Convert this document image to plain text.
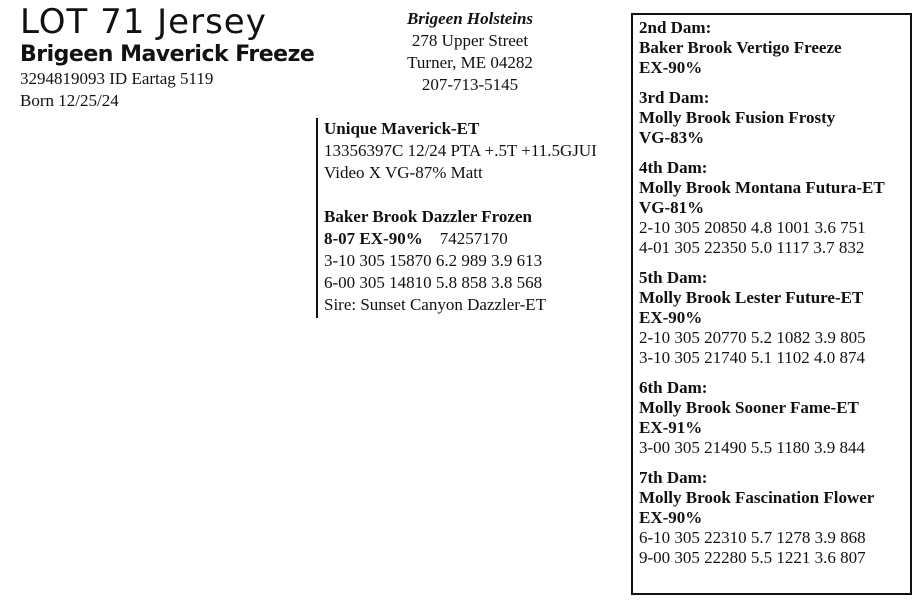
LOT 71 Jersey
Brigeen Maverick Freeze
3294819093 ID Eartag 5119
Born 12/25/24
Brigeen Holsteins
278 Upper Street
Turner, ME 04282
207-713-5145
Unique Maverick-ET
13356397C 12/24 PTA +.5T +11.5GJUI
Video X VG-87% Matt
Baker Brook Dazzler Frozen
8-07 EX-90% 74257170
3-10 305 15870 6.2 989 3.9 613
6-00 305 14810 5.8 858 3.8 568
Sire: Sunset Canyon Dazzler-ET
2nd Dam:
Baker Brook Vertigo Freeze
EX-90%
3rd Dam:
Molly Brook Fusion Frosty
VG-83%
4th Dam:
Molly Brook Montana Futura-ET
VG-81%
2-10 305 20850 4.8 1001 3.6 751
4-01 305 22350 5.0 1117 3.7 832
5th Dam:
Molly Brook Lester Future-ET
EX-90%
2-10 305 20770 5.2 1082 3.9 805
3-10 305 21740 5.1 1102 4.0 874
6th Dam:
Molly Brook Sooner Fame-ET
EX-91%
3-00 305 21490 5.5 1180 3.9 844
7th Dam:
Molly Brook Fascination Flower
EX-90%
6-10 305 22310 5.7 1278 3.9 868
9-00 305 22280 5.5 1221 3.6 807
